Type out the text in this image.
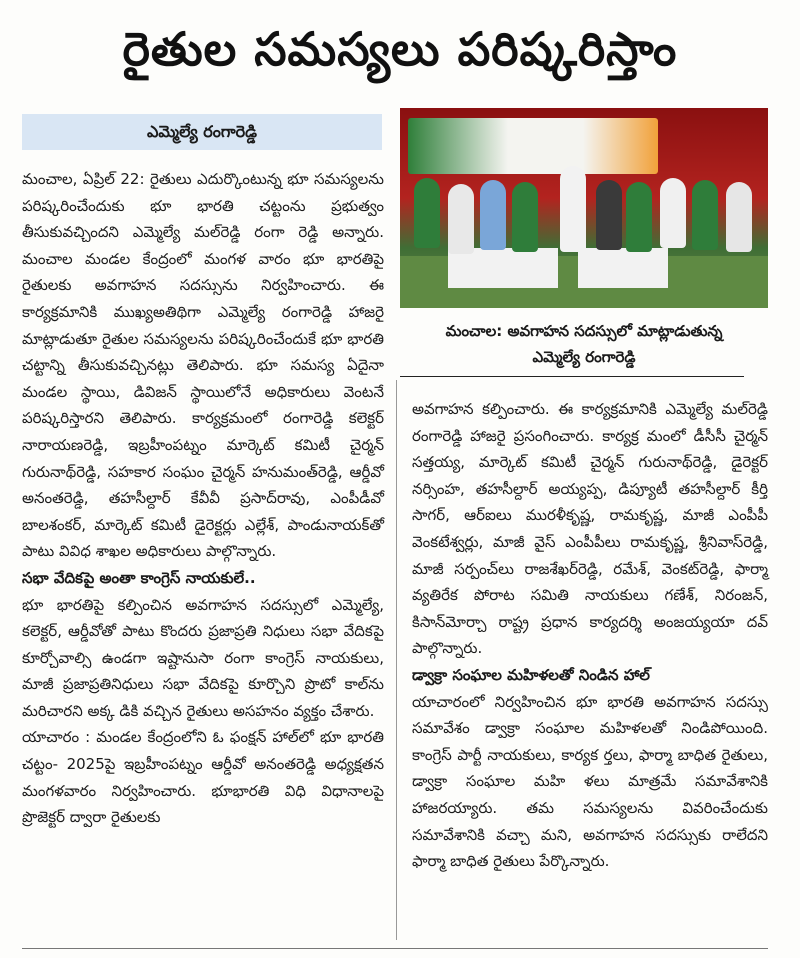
రైతుల సమస్యలు పరిష్కరిస్తాం
ఎమ్మెల్యే రంగారెడ్డి
మంచాల: అవగాహన సదస్సులో మాట్లాడుతున్న
ఎమ్మెల్యే రంగారెడ్డి

మంచాల, ఏప్రిల్ 22: రైతులు ఎదుర్కొంటున్న భూ సమస్యలను పరిష్కరించేందుకు భూ భారతి చట్టంను ప్రభుత్వం తీసుకువచ్చిందని ఎమ్మెల్యే మల్‌రెడ్డి రంగా రెడ్డి అన్నారు. మంచాల మండల కేంద్రంలో మంగళ వారం భూ భారతిపై రైతులకు అవగాహన సదస్సును నిర్వహించారు. ఈ కార్యక్రమానికి ముఖ్యఅతిథిగా ఎమ్మెల్యే రంగారెడ్డి హాజరై మాట్లాడుతూ రైతుల సమస్యలను పరిష్కరించేందుకే భూ భారతి చట్టాన్ని తీసుకువచ్చినట్లు తెలిపారు. భూ సమస్య ఏదైనా మండల స్థాయి, డివిజన్ స్థాయిలోనే అధికారులు వెంటనే పరిష్కరిస్తారని తెలిపారు. కార్యక్రమంలో రంగారెడ్డి కలెక్టర్ నారాయణరెడ్డి, ఇబ్రహీంపట్నం మార్కెట్ కమిటీ చైర్మన్ గురునాథ్‌రెడ్డి, సహకార సంఘం చైర్మన్ హనుమంత్‌రెడ్డి, ఆర్డీవో అనంతరెడ్డి, తహసీల్దార్ కేవీవీ ప్రసాద్‌రావు, ఎంపీడీవో బాలశంకర్, మార్కెట్ కమిటీ డైరెక్టర్లు ఎల్లేశ్, పాండునాయక్‌తో పాటు వివిధ శాఖల అధికారులు పాల్గొన్నారు.

సభా వేదికపై అంతా కాంగ్రెస్ నాయకులే..

భూ భారతిపై కల్పించిన అవగాహన సదస్సులో ఎమ్మెల్యే, కలెక్టర్, ఆర్డీవోతో పాటు కొందరు ప్రజాప్రతి నిధులు సభా వేదికపై కూర్చోవాల్సి ఉండగా ఇష్టానుసా రంగా కాంగ్రెస్ నాయకులు, మాజీ ప్రజాప్రతినిధులు సభా వేదికపై కూర్చొని ప్రొటో కాల్‌ను మరిచారని అక్క డికి వచ్చిన రైతులు అసహనం వ్యక్తం చేశారు.

యాచారం : మండల కేంద్రంలోని ఓ ఫంక్షన్ హాల్‌లో భూ భారతి చట్టం- 2025పై ఇబ్రహీంపట్నం ఆర్డీవో అనంతరెడ్డి అధ్యక్షతన మంగళవారం నిర్వహించారు. భూభారతి విధి విధానాలపై ప్రొజెక్టర్ ద్వారా రైతులకు

అవగాహన కల్పించారు. ఈ కార్యక్రమానికి ఎమ్మెల్యే మల్‌రెడ్డి రంగారెడ్డి హాజరై ప్రసంగించారు. కార్యక్ర మంలో డీసీసీ చైర్మన్ సత్తయ్య, మార్కెట్ కమిటీ చైర్మన్ గురునాథ్‌రెడ్డి, డైరెక్టర్ నర్సింహ, తహసీల్దార్ అయ్యప్ప, డిప్యూటీ తహసీల్దార్ కీర్తి సాగర్, ఆర్‌ఐలు మురళీకృష్ణ, రామకృష్ణ, మాజీ ఎంపీపీ వెంకటేశ్వర్లు, మాజీ వైస్ ఎంపీపీలు రామకృష్ణ, శ్రీనివాస్‌రెడ్డి, మాజీ సర్పంచ్‌లు రాజశేఖర్‌రెడ్డి, రమేశ్, వెంకట్‌రెడ్డి, ఫార్మా వ్యతిరేక పోరాట సమితి నాయకులు గణేశ్, నిరంజన్, కిసాన్‌మోర్చా రాష్ట్ర ప్రధాన కార్యదర్శి అంజయ్యయా దవ్ పాల్గొన్నారు.

డ్వాక్రా సంఘాల మహిళలతో నిండిన హాల్

యాచారంలో నిర్వహించిన భూ భారతి అవగాహన సదస్సు సమావేశం డ్వాక్రా సంఘాల మహిళలతో నిండిపోయింది. కాంగ్రెస్ పార్టీ నాయకులు, కార్యక ర్తలు, ఫార్మా బాధిత రైతులు, డ్వాక్రా సంఘాల మహి ళలు మాత్రమే సమావేశానికి హాజరయ్యారు. తమ సమస్యలను వివరించేందుకు సమావేశానికి వచ్చా మని, అవగాహన సదస్సుకు రాలేదని ఫార్మా బాధిత రైతులు పేర్కొన్నారు.
